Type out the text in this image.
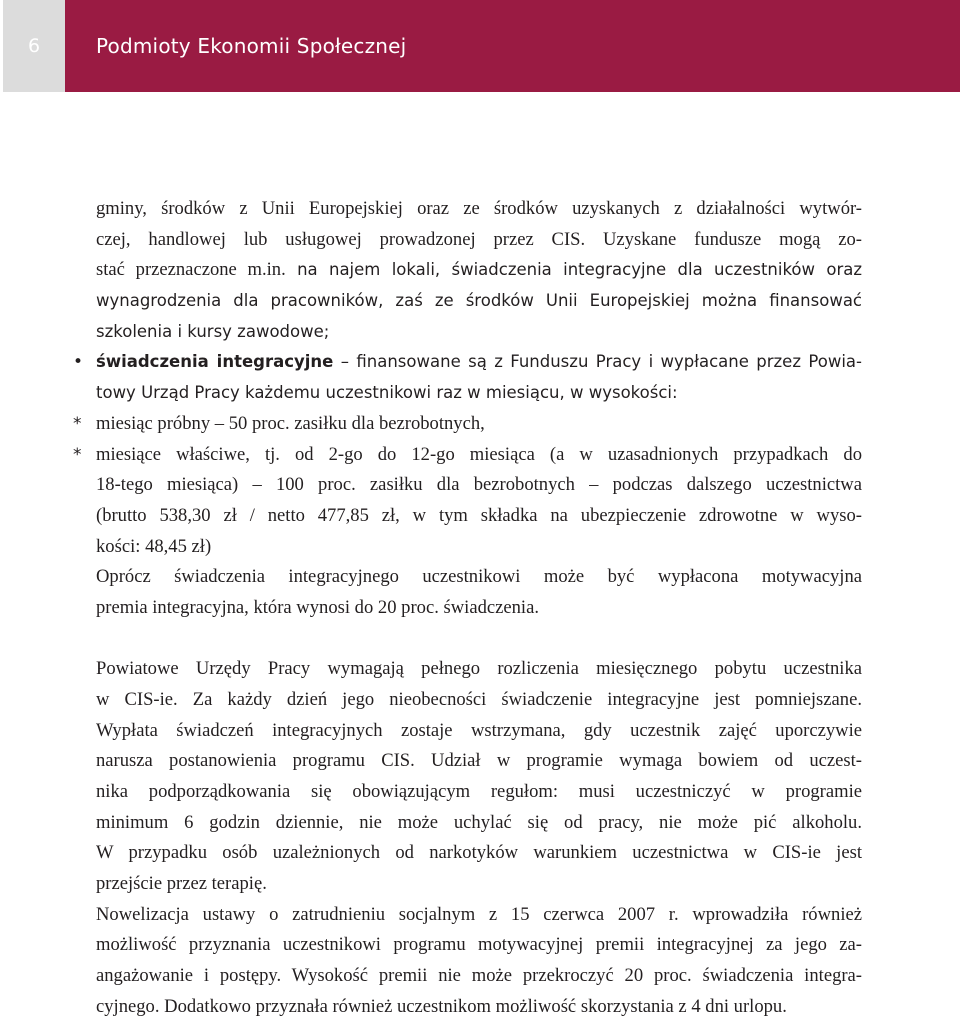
6	Podmioty Ekonomii Społecznej
gminy, środków z Unii Europejskiej oraz ze środków uzyskanych z działalności wytwór-
czej, handlowej lub usługowej prowadzonej przez CIS. Uzyskane fundusze mogą zo-
stać przeznaczone m.in. na najem lokali, świadczenia integracyjne dla uczestników oraz
wynagrodzenia dla pracowników, zaś ze środków Unii Europejskiej można finansować
szkolenia i kursy zawodowe;
• świadczenia integracyjne – finansowane są z Funduszu Pracy i wypłacane przez Powia-
towy Urząd Pracy każdemu uczestnikowi raz w miesiącu, w wysokości:
* miesiąc próbny – 50 proc. zasiłku dla bezrobotnych,
* miesiące właściwe, tj. od 2-go do 12-go miesiąca (a w uzasadnionych przypadkach do
18-tego miesiąca) – 100 proc. zasiłku dla bezrobotnych – podczas dalszego uczestnictwa
(brutto 538,30 zł / netto 477,85 zł, w tym składka na ubezpieczenie zdrowotne w wyso-
kości: 48,45 zł)
Oprócz świadczenia integracyjnego uczestnikowi może być wypłacona motywacyjna
premia integracyjna, która wynosi do 20 proc. świadczenia.
Powiatowe Urzędy Pracy wymagają pełnego rozliczenia miesięcznego pobytu uczestnika
w CIS-ie. Za każdy dzień jego nieobecności świadczenie integracyjne jest pomniejszane.
Wypłata świadczeń integracyjnych zostaje wstrzymana, gdy uczestnik zajęć uporczywie
narusza postanowienia programu CIS. Udział w programie wymaga bowiem od uczest-
nika podporządkowania się obowiązującym regułom: musi uczestniczyć w programie
minimum 6 godzin dziennie, nie może uchylać się od pracy, nie może pić alkoholu.
W przypadku osób uzależnionych od narkotyków warunkiem uczestnictwa w CIS-ie jest
przejście przez terapię.
Nowelizacja ustawy o zatrudnieniu socjalnym z 15 czerwca 2007 r. wprowadziła również
możliwość przyznania uczestnikowi programu motywacyjnej premii integracyjnej za jego za-
angażowanie i postępy. Wysokość premii nie może przekroczyć 20 proc. świadczenia integra-
cyjnego. Dodatkowo przyznała również uczestnikom możliwość skorzystania z 4 dni urlopu.
